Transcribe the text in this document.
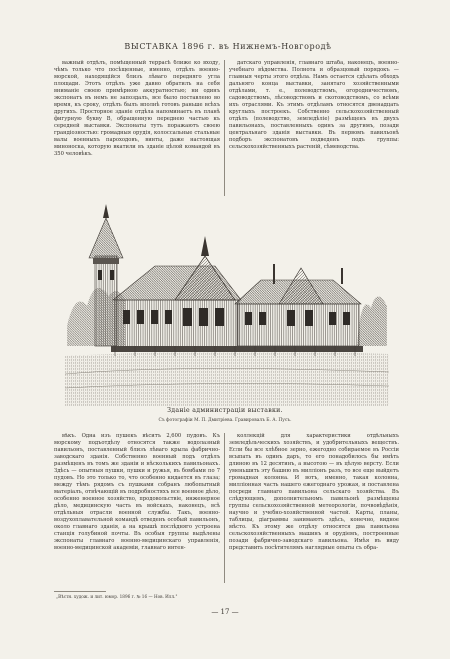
ВЫСТАВКА 1896 г. въ Нижнемъ-Новгородѣ

важный отдѣлъ, помѣщенный террасѣ ближе ко входу, чѣмъ только что посѣщенные, именно, отдѣлъ военно-морской, находящійся близъ лѣваго передняго угла площади. Этотъ отдѣлъ уже давно обратилъ на себя вниманіе своею примѣрною аккуратностью; ни одинъ экспонатъ въ немъ не запоздалъ, все было поставлено во время, къ сроку, отдѣлъ былъ вполнѣ готовъ раньше всѣхъ другихъ. Просторное зданіе отдѣла напоминаетъ въ планѣ фигурную букву В, обращенную переднею частью къ середней выставки. Экспонаты тутъ поражаютъ своею грандіозностью: громадныя орудія, колоссальные стальные валы военныхъ пароходовъ, винты, даже настоящая миноноска, которую вкатили въ зданіе цѣлой командой въ 350 человѣкъ.

датскаго управленія, главнаго штаба, наконецъ, военно-учебнаго вѣдомства. Полнота и образцовый порядокъ — главныя черты этого отдѣла. Намъ остается сдѣлать обходъ дальняго конца выставки, занятаго хозяйственными отдѣлами, т. е., полеводствомъ, огородничествомъ, садоводствомъ, лѣсоводствомъ и скотоводствомъ, со всѣми ихъ отраслями. Къ этимъ отдѣламъ относятся двенадцать круглыхъ построекъ. Собственно сельскохозяйственный отдѣлъ (полеводство, земледѣліе) размѣщенъ въ двухъ павильонахъ, поставленныхъ одинъ за другимъ, позади центральнаго зданія выставки. Въ первомъ павильонѣ подборъ экспонатовъ подведенъ подъ группы: сельскохозяйственныхъ растеній, сѣмеводства.

Зданіе администраціи выставки.
Съ фотографіи М. П. Дмитріева. Гравировалъ Б. А. Пусъ.

вѣкъ. Одна изъ пушекъ вѣситъ 2,600 пудовъ. Къ морскому подъотдѣлу относятся также водолазный павильонъ, поставленный близъ лѣваго крыла фабрично-заводскаго зданія. Собственно военный подъ отдѣлъ размѣщенъ въ томъ же зданіи и нѣсколькихъ павильонахъ. Здѣсь — опытныя пушки, пушки и ружья, въ бомбами по 7 пудовъ. Но это только то, что особенно кидается въ глаза; между тѣмъ рядомъ съ пушками собранъ любопытный матеріалъ, отвѣчающій въ подробностяхъ все военное дѣло, особенно военное хозяйство, продовольствіе, инженерное дѣло, медицинскую часть въ войскахъ, наконецъ, всѣ отдѣльныя отрасли военной службы. Такъ, военно-воздухоплавательной командѣ отведенъ особый павильонъ, около главнаго зданія, а на крышѣ послѣдняго устроена станція голубиной почты. Въ особыя группы выдѣлены экспонаты главнаго военно-медицинскаго управленія, военно-медицинской академіи, главнаго интен-

коллекцій для характеристики отдѣльныхъ земледѣльческихъ хозяйствъ, и удобрительныхъ веществъ. Если бы все хлѣбное зерно, ежегодно собираемое въ Россіи всыпать въ одинъ даръ, то его понадобилось бы имѣть длиною въ 12 десятинъ, а высотою — въ цѣлую версту. Если уменьшить эту башню въ милліонъ разъ, то все еще выйдетъ громадная колонна. И вотъ, именно, такая колонна, милліонная часть нашего ежегоднаго урожая, и поставлена посреди главнаго павильона сельскаго хозяйства. Въ слѣдующемъ, дополнительномъ павильонѣ размѣщены группы сельскохозяйственной метеорологіи, почвовѣдѣнія, научно и учебно-хозяйственной частей. Карты, планы, таблицы, діаграммы занимаютъ здѣсь, конечно, видное мѣсто. Къ этому же отдѣлу относятся два павильона сельскохозяйственныхъ машинъ и орудіемъ, построенные позади фабрично-заводскаго павильона. Имѣя въ виду представить посѣтителямъ наглядные опыты съ обра-

„Вѣстн. худож. и лит. юмор. 1896 г. № 16 — Нов. Илл."
— 17 —
